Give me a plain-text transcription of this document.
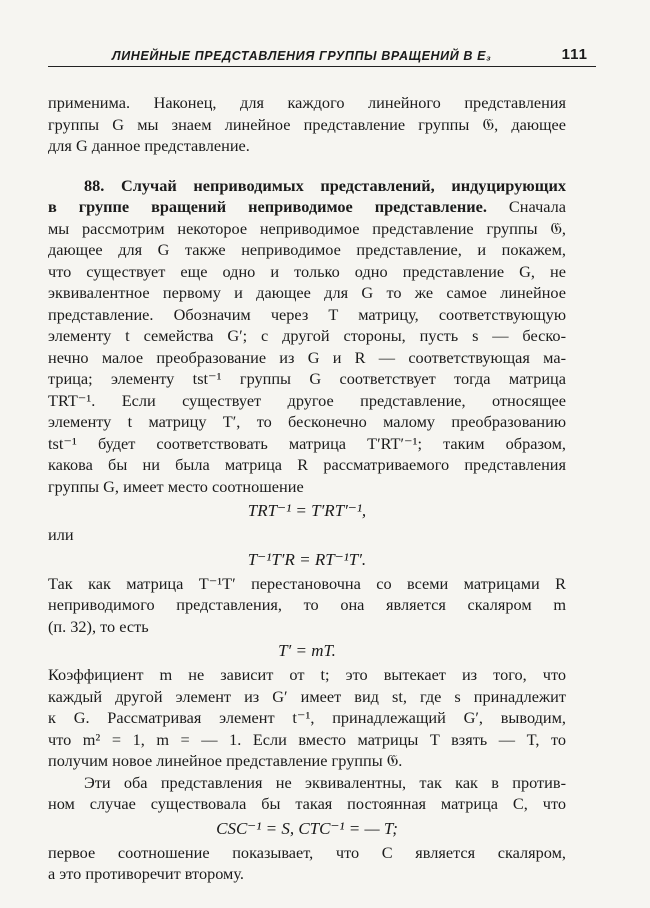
ЛИНЕЙНЫЕ ПРЕДСТАВЛЕНИЯ ГРУППЫ ВРАЩЕНИЙ В E₃	111
применима. Наконец, для каждого линейного представления
группы G мы знаем линейное представление группы 𝔊, дающее
для G данное представление.
88. Случай неприводимых представлений, индуцирующих
в группе вращений неприводимое представление. Сначала
мы рассмотрим некоторое неприводимое представление группы 𝔊,
дающее для G также неприводимое представление, и покажем,
что существует еще одно и только одно представление G, не
эквивалентное первому и дающее для G то же самое линейное
представление. Обозначим через T матрицу, соответствующую
элементу t семейства G′; с другой стороны, пусть s — беско-
нечно малое преобразование из G и R — соответствующая ма-
трица; элементу tst⁻¹ группы G соответствует тогда матрица
TRT⁻¹. Если существует другое представление, относящее
элементу t матрицу T′, то бесконечно малому преобразованию
tst⁻¹ будет соответствовать матрица T′RT′⁻¹; таким образом,
какова бы ни была матрица R рассматриваемого представления
группы G, имеет место соотношение
TRT⁻¹ = T′RT′⁻¹,
или
T⁻¹T′R = RT⁻¹T′.
Так как матрица T⁻¹T′ перестановочна со всеми матрицами R
неприводимого представления, то она является скаляром m
(п. 32), то есть
T′ = mT.
Коэффициент m не зависит от t; это вытекает из того, что
каждый другой элемент из G′ имеет вид st, где s принадлежит
к G. Рассматривая элемент t⁻¹, принадлежащий G′, выводим,
что m² = 1, m = — 1. Если вместо матрицы T взять — T, то
получим новое линейное представление группы 𝔊.
Эти оба представления не эквивалентны, так как в против-
ном случае существовала бы такая постоянная матрица C, что
CSC⁻¹ = S, CTC⁻¹ = — T;
первое соотношение показывает, что C является скаляром,
а это противоречит второму.
